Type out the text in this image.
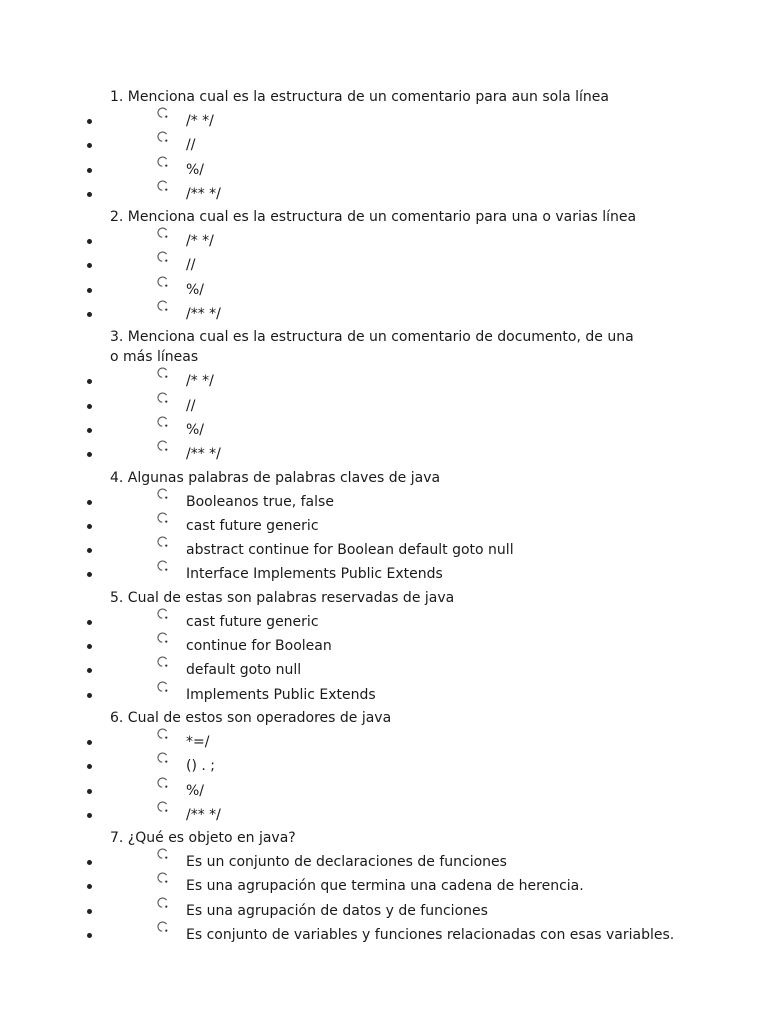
1. Menciona cual es la estructura de un comentario para aun sola línea
/* */
//
%/
/** */
2. Menciona cual es la estructura de un comentario para una o varias línea
/* */
//
%/
/** */
3. Menciona cual es la estructura de un comentario de documento, de una o más líneas
/* */
//
%/
/** */
4. Algunas palabras de palabras claves de java
Booleanos true, false
cast future generic
abstract continue for Boolean default goto null
Interface Implements Public Extends
5. Cual de estas son palabras reservadas de java
cast future generic
continue for Boolean
default goto null
Implements Public Extends
6. Cual de estos son operadores de java
*=/
() . ;
%/
/** */
7. ¿Qué es objeto en java?
Es un conjunto de declaraciones de funciones
Es una agrupación que termina una cadena de herencia.
Es una agrupación de datos y de funciones
Es conjunto de variables y funciones relacionadas con esas variables.
